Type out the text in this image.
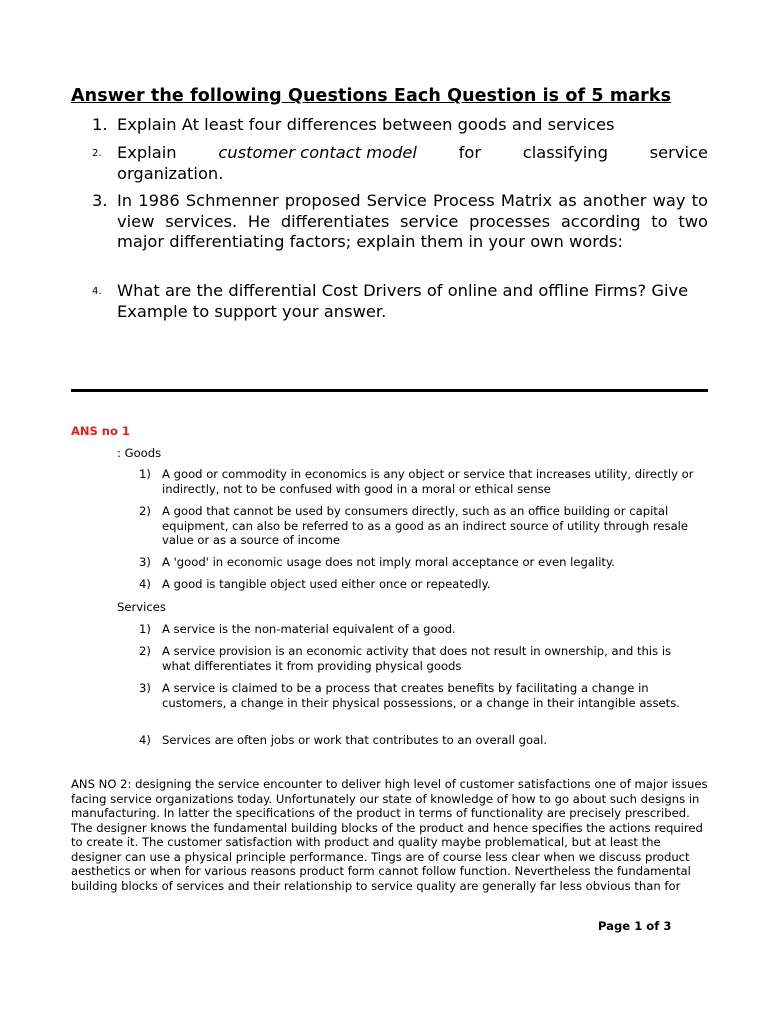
Answer the following Questions Each Question is of 5 marks
1. Explain At least four differences between goods and services
2. Explain	customer contact model	for	classifying	service
organization.
3. In 1986 Schmenner proposed Service Process Matrix as another way to view services. He differentiates service processes according to two major differentiating factors; explain them in your own words:
4. What are the differential Cost Drivers of online and offline Firms? Give Example to support your answer.
ANS no 1
: Goods
1) A good or commodity in economics is any object or service that increases utility, directly or indirectly, not to be confused with good in a moral or ethical sense
2) A good that cannot be used by consumers directly, such as an office building or capital equipment, can also be referred to as a good as an indirect source of utility through resale value or as a source of income
3) A 'good' in economic usage does not imply moral acceptance or even legality.
4) A good is tangible object used either once or repeatedly.
Services
1) A service is the non-material equivalent of a good.
2) A service provision is an economic activity that does not result in ownership, and this is what differentiates it from providing physical goods
3) A service is claimed to be a process that creates benefits by facilitating a change in customers, a change in their physical possessions, or a change in their intangible assets.
4) Services are often jobs or work that contributes to an overall goal.
ANS NO 2: designing the service encounter to deliver high level of customer satisfactions one of major issues facing service organizations today. Unfortunately our state of knowledge of how to go about such designs in manufacturing. In latter the specifications of the product in terms of functionality are precisely prescribed. The designer knows the fundamental building blocks of the product and hence specifies the actions required to create it. The customer satisfaction with product and quality maybe problematical, but at least the designer can use a physical principle performance. Tings are of course less clear when we discuss product aesthetics or when for various reasons product form cannot follow function. Nevertheless the fundamental building blocks of services and their relationship to service quality are generally far less obvious than for
Page 1 of 3
